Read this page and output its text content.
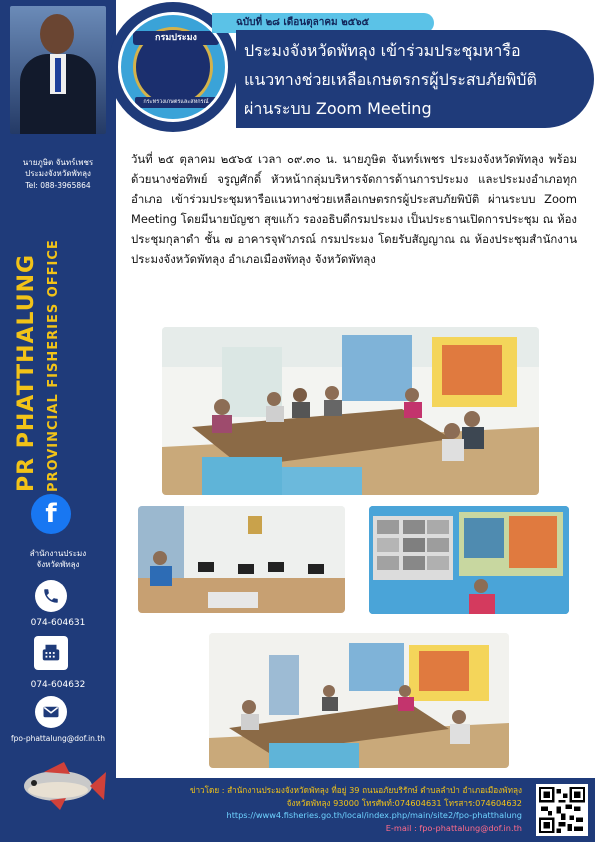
นายภูษิต จันทร์เพชร
ประมงจังหวัดพัทลุง
Tel: 088-3965864
PR PHATTHALUNG PROVINCIAL FISHERIES OFFICE
f
สำนักงานประมง
จังหวัดพัทลุง
074-604631
074-604632
fpo-phattalung@dof.in.th
กรมประมง
กระทรวงเกษตรและสหกรณ์
ฉบับที่ ๒๘ เดือนตุลาคม ๒๕๖๕
ประมงจังหวัดพัทลุง เข้าร่วมประชุมหารือ
แนวทางช่วยเหลือเกษตรกรผู้ประสบภัยพิบัติ
ผ่านระบบ Zoom Meeting
วันที่ ๒๕ ตุลาคม ๒๕๖๕ เวลา ๐๙.๓๐ น. นายภูษิต จันทร์เพชร ประมงจังหวัดพัทลุง พร้อมด้วยนางช่อทิพย์ จรูญศักดิ์ หัวหน้ากลุ่มบริหารจัดการด้านการประมง และประมงอำเภอทุกอำเภอ เข้าร่วมประชุมหารือแนวทางช่วยเหลือเกษตรกรผู้ประสบภัยพิบัติ ผ่านระบบ Zoom Meeting โดยมีนายบัญชา สุขแก้ว รองอธิบดีกรมประมง เป็นประธานเปิดการประชุม ณ ห้องประชุมกุลาดำ ชั้น ๗ อาคารจุฬาภรณ์ กรมประมง โดยรับสัญญาณ ณ ห้องประชุมสำนักงานประมงจังหวัดพัทลุง อำเภอเมืองพัทลุง จังหวัดพัทลุง
ข่าวโดย : สำนักงานประมงจังหวัดพัทลุง ที่อยู่ 39 ถนนอภัยบริรักษ์ ตำบลลำป่า อำเภอเมืองพัทลุง
จังหวัดพัทลุง 93000 โทรศัพท์:074604631 โทรสาร:074604632
https://www4.fisheries.go.th/local/index.php/main/site2/fpo-phatthalung
E-mail : fpo-phattalung@dof.in.th
